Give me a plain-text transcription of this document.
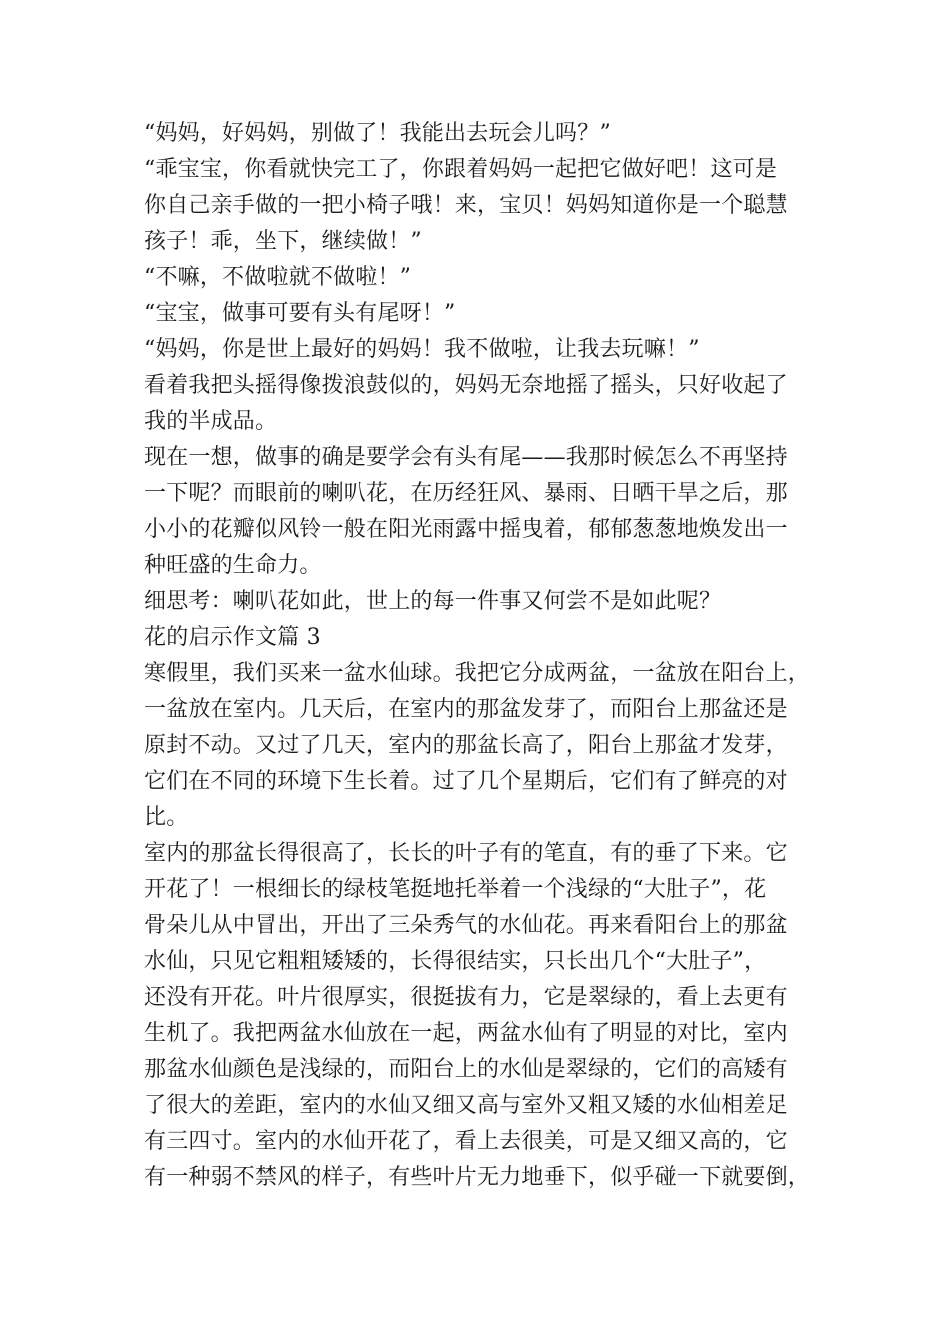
“妈妈，好妈妈，别做了！我能出去玩会儿吗？”
“乖宝宝，你看就快完工了，你跟着妈妈一起把它做好吧！这可是
你自己亲手做的一把小椅子哦！来，宝贝！妈妈知道你是一个聪慧
孩子！乖，坐下，继续做！”
“不嘛，不做啦就不做啦！”
“宝宝，做事可要有头有尾呀！”
“妈妈，你是世上最好的妈妈！我不做啦，让我去玩嘛！”
看着我把头摇得像拨浪鼓似的，妈妈无奈地摇了摇头，只好收起了
我的半成品。
现在一想，做事的确是要学会有头有尾——我那时候怎么不再坚持
一下呢？而眼前的喇叭花，在历经狂风、暴雨、日晒干旱之后，那
小小的花瓣似风铃一般在阳光雨露中摇曳着，郁郁葱葱地焕发出一
种旺盛的生命力。
细思考：喇叭花如此，世上的每一件事又何尝不是如此呢？
花的启示作文篇 3
寒假里，我们买来一盆水仙球。我把它分成两盆，一盆放在阳台上，
一盆放在室内。几天后，在室内的那盆发芽了，而阳台上那盆还是
原封不动。又过了几天，室内的那盆长高了，阳台上那盆才发芽，
它们在不同的环境下生长着。过了几个星期后，它们有了鲜亮的对
比。
室内的那盆长得很高了，长长的叶子有的笔直，有的垂了下来。它
开花了！一根细长的绿枝笔挺地托举着一个浅绿的“大肚子”，花
骨朵儿从中冒出，开出了三朵秀气的水仙花。再来看阳台上的那盆
水仙，只见它粗粗矮矮的，长得很结实，只长出几个“大肚子”，
还没有开花。叶片很厚实，很挺拔有力，它是翠绿的，看上去更有
生机了。我把两盆水仙放在一起，两盆水仙有了明显的对比，室内
那盆水仙颜色是浅绿的，而阳台上的水仙是翠绿的，它们的高矮有
了很大的差距，室内的水仙又细又高与室外又粗又矮的水仙相差足
有三四寸。室内的水仙开花了，看上去很美，可是又细又高的，它
有一种弱不禁风的样子，有些叶片无力地垂下，似乎碰一下就要倒，
